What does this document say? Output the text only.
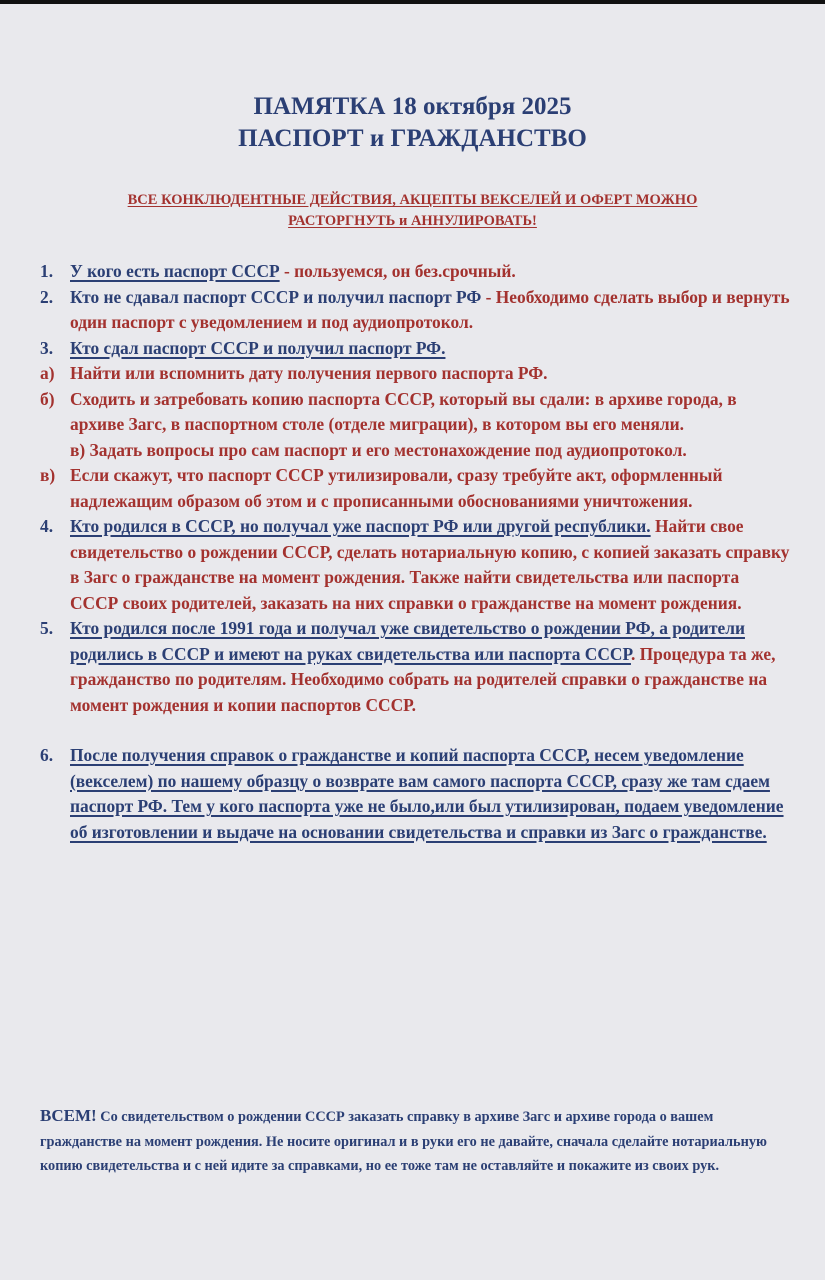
ПАМЯТКА 18 октября 2025
ПАСПОРТ и ГРАЖДАНСТВО
ВСЕ КОНКЛЮДЕНТНЫЕ ДЕЙСТВИЯ, АКЦЕПТЫ ВЕКСЕЛЕЙ И ОФЕРТ МОЖНО
РАСТОРГНУТЬ и АННУЛИРОВАТЬ!

1. У кого есть паспорт СССР - пользуемся, он без.срочный.

2. Кто не сдавал паспорт СССР и получил паспорт РФ - Необходимо сделать выбор и вернуть один паспорт с уведомлением и под аудиопротокол.

3. Кто сдал паспорт СССР и получил паспорт РФ.

а) Найти или вспомнить дату получения первого паспорта РФ.

б) Сходить и затребовать копию паспорта СССР, который вы сдали: в архиве города, в архиве Загс, в паспортном столе (отделе миграции), в котором вы его меняли.

в) Задать вопросы про сам паспорт и его местонахождение под аудиопротокол.

в) Если скажут, что паспорт СССР утилизировали, сразу требуйте акт, оформленный надлежащим образом об этом и с прописанными обоснованиями уничтожения.

4. Кто родился в СССР, но получал уже паспорт РФ или другой республики. Найти свое свидетельство о рождении СССР, сделать нотариальную копию, с копией заказать справку в Загс о гражданстве на момент рождения. Также найти свидетельства или паспорта СССР своих родителей, заказать на них справки о гражданстве на момент рождения.

5. Кто родился после 1991 года и получал уже свидетельство о рождении РФ, а родители родились в СССР и имеют на руках свидетельства или паспорта СССР. Процедура та же, гражданство по родителям. Необходимо собрать на родителей справки о гражданстве на момент рождения и копии паспортов СССР.

6. После получения справок о гражданстве и копий паспорта СССР, несем уведомление (векселем) по нашему образцу о возврате вам самого паспорта СССР, сразу же там сдаем паспорт РФ. Тем у кого паспорта уже не было,или был утилизирован, подаем уведомление об изготовлении и выдаче на основании свидетельства и справки из Загс о гражданстве.

ВСЕМ! Со свидетельством о рождении СССР заказать справку в архиве Загс и архиве города о вашем гражданстве на момент рождения. Не носите оригинал и в руки его не давайте, сначала сделайте нотариальную копию свидетельства и с ней идите за справками, но ее тоже там не оставляйте и покажите из своих рук.
